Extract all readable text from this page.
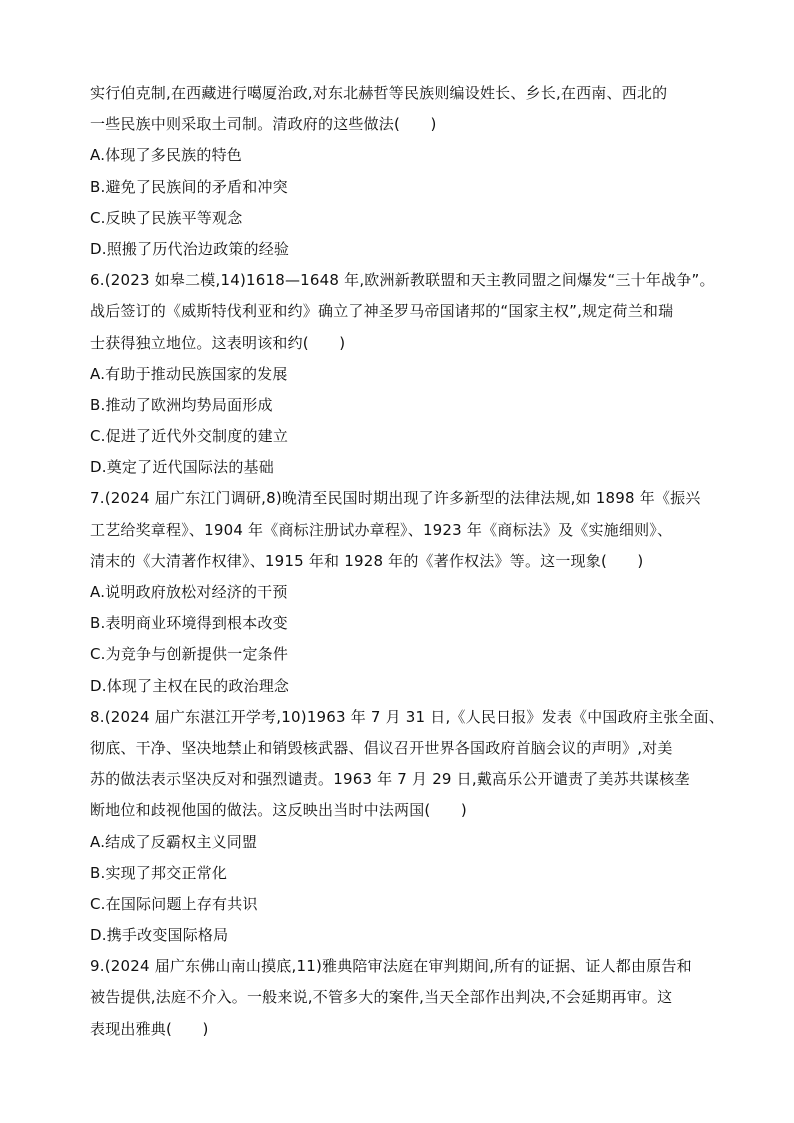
实行伯克制,在西藏进行噶厦治政,对东北赫哲等民族则编设姓长、乡长,在西南、西北的
一些民族中则采取土司制。清政府的这些做法(　　)
A.体现了多民族的特色
B.避免了民族间的矛盾和冲突
C.反映了民族平等观念
D.照搬了历代治边政策的经验
6.(2023 如皋二模,14)1618—1648 年,欧洲新教联盟和天主教同盟之间爆发“三十年战争”。
战后签订的《威斯特伐利亚和约》确立了神圣罗马帝国诸邦的“国家主权”,规定荷兰和瑞
士获得独立地位。这表明该和约(　　)
A.有助于推动民族国家的发展
B.推动了欧洲均势局面形成
C.促进了近代外交制度的建立
D.奠定了近代国际法的基础
7.(2024 届广东江门调研,8)晚清至民国时期出现了许多新型的法律法规,如 1898 年《振兴
工艺给奖章程》、1904 年《商标注册试办章程》、1923 年《商标法》及《实施细则》、
清末的《大清著作权律》、1915 年和 1928 年的《著作权法》等。这一现象(　　)
A.说明政府放松对经济的干预
B.表明商业环境得到根本改变
C.为竞争与创新提供一定条件
D.体现了主权在民的政治理念
8.(2024 届广东湛江开学考,10)1963 年 7 月 31 日,《人民日报》发表《中国政府主张全面、
彻底、干净、坚决地禁止和销毁核武器、倡议召开世界各国政府首脑会议的声明》,对美
苏的做法表示坚决反对和强烈谴责。1963 年 7 月 29 日,戴高乐公开谴责了美苏共谋核垄
断地位和歧视他国的做法。这反映出当时中法两国(　　)
A.结成了反霸权主义同盟
B.实现了邦交正常化
C.在国际问题上存有共识
D.携手改变国际格局
9.(2024 届广东佛山南山摸底,11)雅典陪审法庭在审判期间,所有的证据、证人都由原告和
被告提供,法庭不介入。一般来说,不管多大的案件,当天全部作出判决,不会延期再审。这
表现出雅典(　　)
